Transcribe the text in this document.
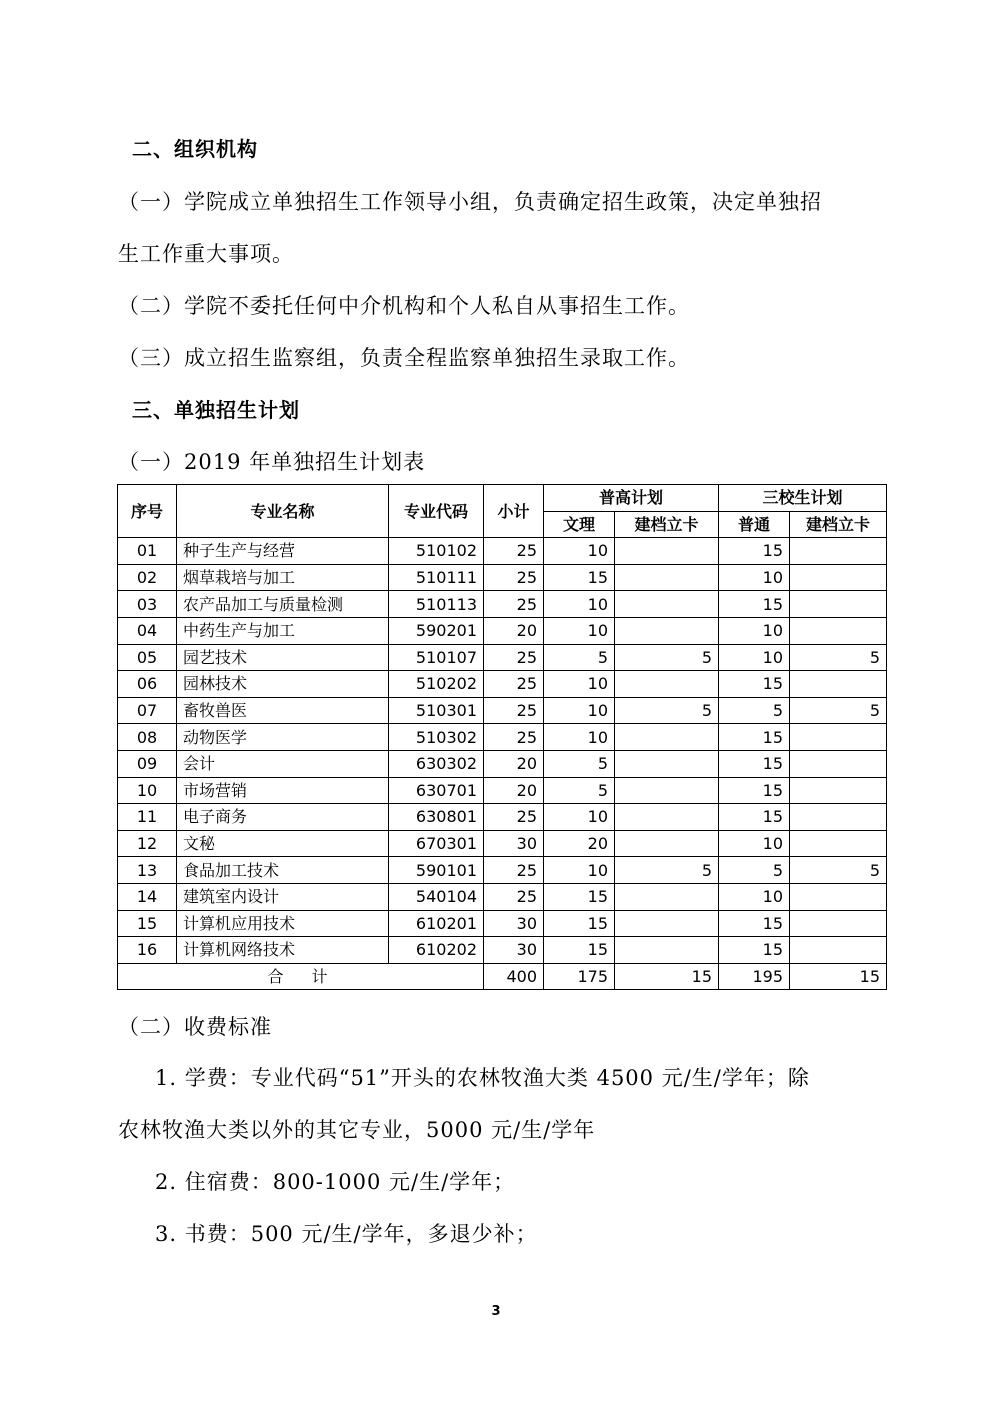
二、组织机构
（一）学院成立单独招生工作领导小组，负责确定招生政策，决定单独招
生工作重大事项。
（二）学院不委托任何中介机构和个人私自从事招生工作。
（三）成立招生监察组，负责全程监察单独招生录取工作。
三、单独招生计划
（一）2019 年单独招生计划表
序号	专业名称	专业代码	小计	普高计划		三校生计划	
				文理	建档立卡	普通	建档立卡
01	种子生产与经营	510102	25	10		15	
02	烟草栽培与加工	510111	25	15		10	
03	农产品加工与质量检测	510113	25	10		15	
04	中药生产与加工	590201	20	10		10	
05	园艺技术	510107	25	5	5	10	5
06	园林技术	510202	25	10		15	
07	畜牧兽医	510301	25	10	5	5	5
08	动物医学	510302	25	10		15	
09	会计	630302	20	5		15	
10	市场营销	630701	20	5		15	
11	电子商务	630801	25	10		15	
12	文秘	670301	30	20		10	
13	食品加工技术	590101	25	10	5	5	5
14	建筑室内设计	540104	25	15		10	
15	计算机应用技术	610201	30	15		15	
16	计算机网络技术	610202	30	15		15	
合　计			400	175	15	195	15
（二）收费标准
1. 学费：专业代码“51”开头的农林牧渔大类 4500 元/生/学年；除
农林牧渔大类以外的其它专业，5000 元/生/学年
2. 住宿费：800-1000 元/生/学年；
3. 书费：500 元/生/学年，多退少补；
3
